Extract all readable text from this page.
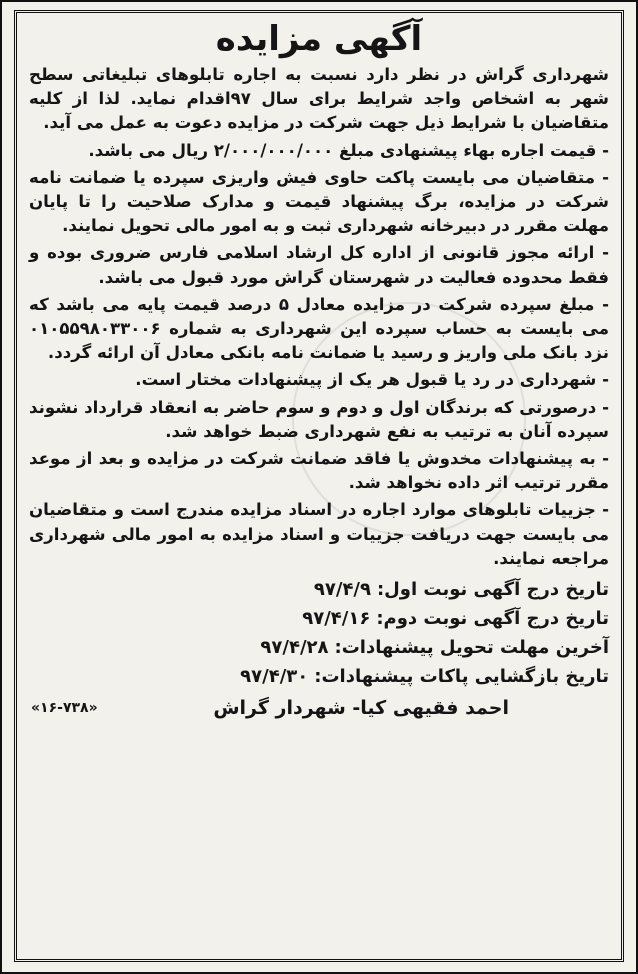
آگهی مزایده

شهرداری گراش در نظر دارد نسبت به اجاره تابلوهای تبلیغاتی سطح شهر به اشخاص واجد شرایط برای سال ۹۷اقدام نماید. لذا از کلیه متقاضیان با شرایط ذیل جهت شرکت در مزایده دعوت به عمل می آید.

- قیمت اجاره بهاء پیشنهادی مبلغ ۲/۰۰۰/۰۰۰/۰۰۰ ریال می باشد.

- متقاضیان می بایست پاکت حاوی فیش واریزی سپرده یا ضمانت نامه شرکت در مزایده، برگ پیشنهاد قیمت و مدارک صلاحیت را تا پایان مهلت مقرر در دبیرخانه شهرداری ثبت و به امور مالی تحویل نمایند.

- ارائه مجوز قانونی از اداره کل ارشاد اسلامی فارس ضروری بوده و فقط محدوده فعالیت در شهرستان گراش مورد قبول می باشد.

- مبلغ سپرده شرکت در مزایده معادل ۵ درصد قیمت پایه می باشد که می بایست به حساب سپرده این شهرداری به شماره ۰۱۰۵۵۹۸۰۳۳۰۰۶ نزد بانک ملی واریز و رسید یا ضمانت نامه بانکی معادل آن ارائه گردد.

- شهرداری در رد یا قبول هر یک از پیشنهادات مختار است.

- درصورتی که برندگان اول و دوم و سوم حاضر به انعقاد قرارداد نشوند سپرده آنان به ترتیب به نفع شهرداری ضبط خواهد شد.

- به پیشنهادات مخدوش یا فاقد ضمانت شرکت در مزایده و بعد از موعد مقرر ترتیب اثر داده نخواهد شد.

- جزییات تابلوهای موارد اجاره در اسناد مزایده مندرج است و متقاضیان می بایست جهت دریافت جزییات و اسناد مزایده به امور مالی شهرداری مراجعه نمایند.

تاریخ درج آگهی نوبت اول:۹۷/۴/۹
تاریخ درج آگهی نوبت دوم:۹۷/۴/۱۶
آخرین مهلت تحویل پیشنهادات:۹۷/۴/۲۸
تاریخ بازگشایی پاکات پیشنهادات:۹۷/۴/۳۰
احمد فقیهی کیا- شهردار گراش
«۱۶-۷۳۸»
